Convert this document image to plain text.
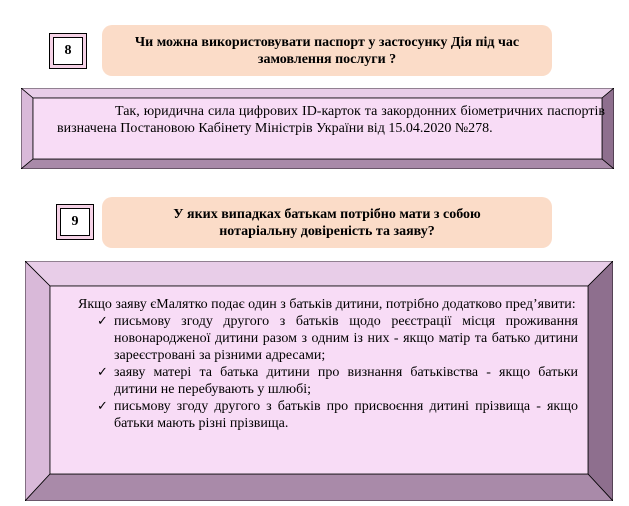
8
Чи можна використовувати паспорт у застосунку Дія під час замовлення послуги ?
Так, юридична сила цифрових ID-карток та закордонних біометричних паспортів визначена Постановою Кабінету Міністрів України від 15.04.2020 №278.
9	У яких випадках батькам потрібно мати з собою нотаріальну довіреність та заяву?
Якщо заяву єМалятко подає один з батьків дитини, потрібно додатково пред’явити:
✓ письмову згоду другого з батьків щодо реєстрації місця проживання новонародженої дитини разом з одним із них - якщо матір та батько дитини зареєстровані за різними адресами;
✓ заяву матері та батька дитини про визнання батьківства - якщо батьки дитини не перебувають у шлюбі;
✓ письмову згоду другого з батьків про присвоєння дитині прізвища - якщо батьки мають різні прізвища.
